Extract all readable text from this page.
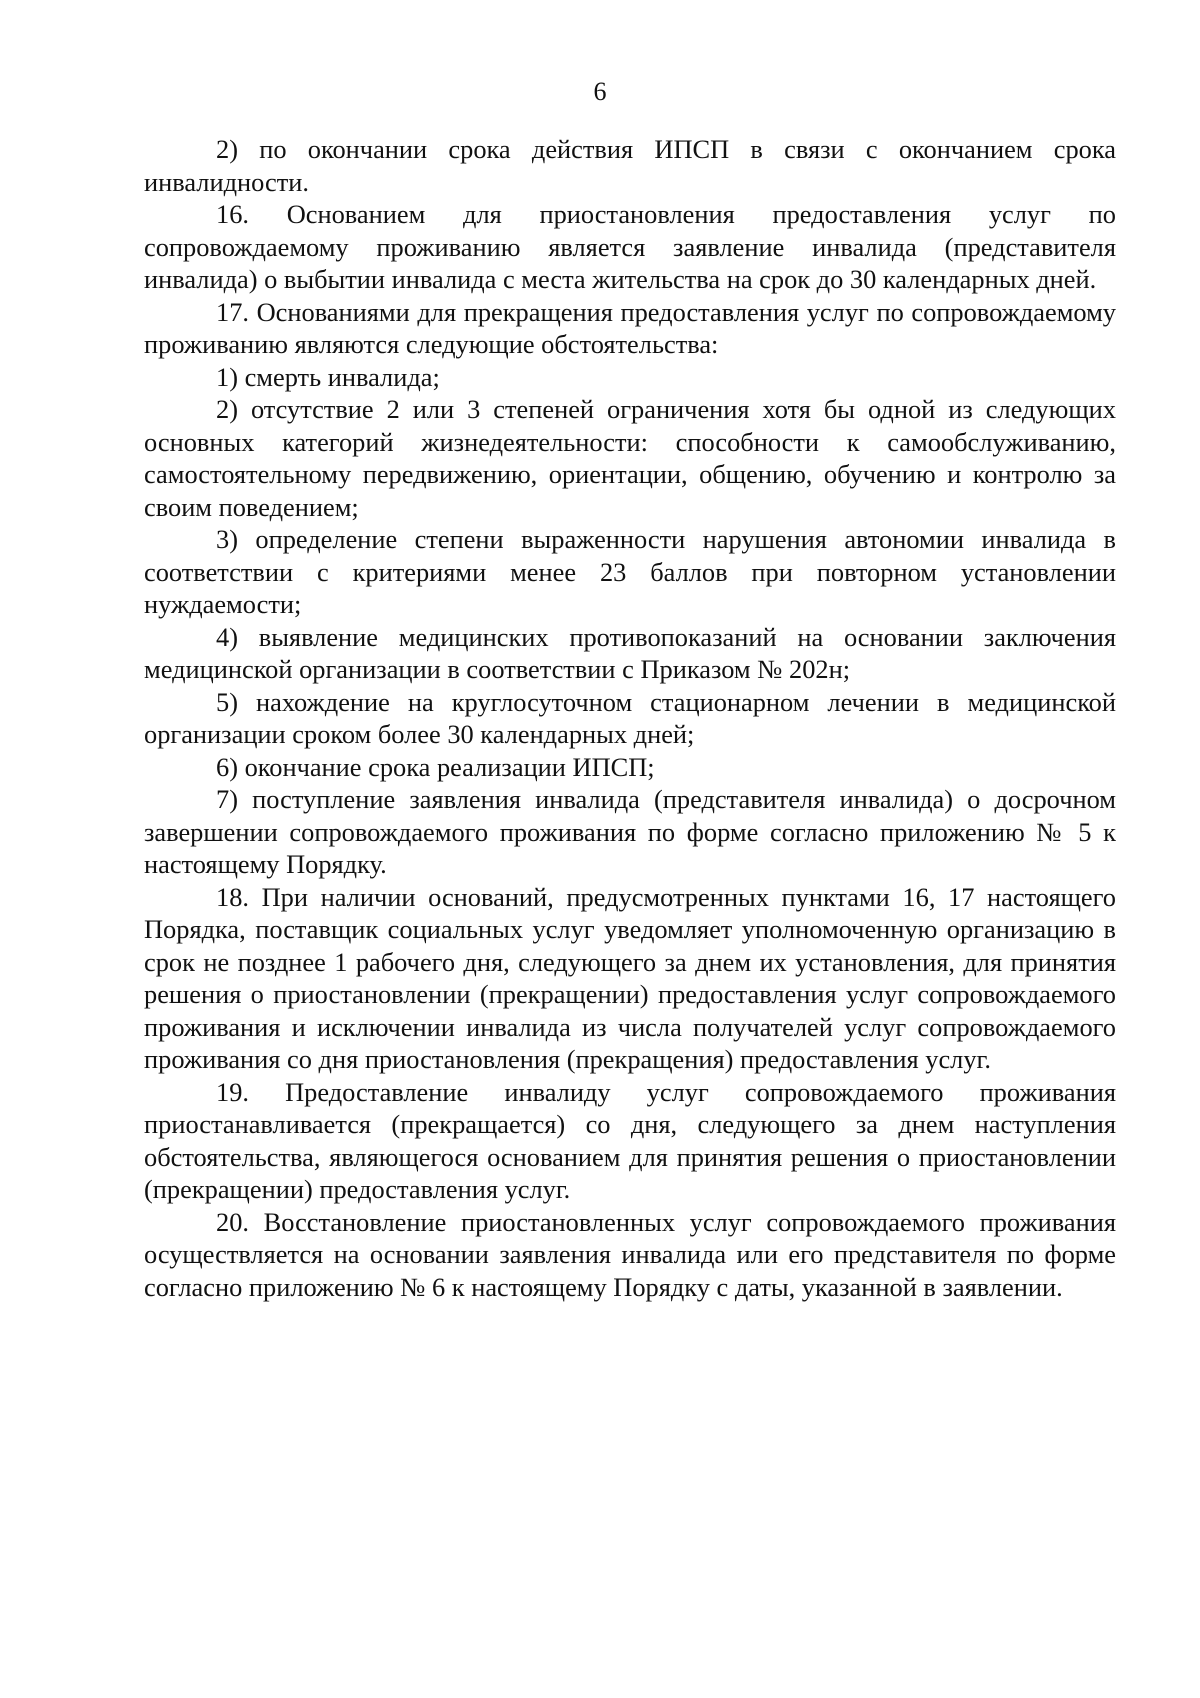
6

2) по окончании срока действия ИПСП в связи с окончанием срока инвалидности.

16. Основанием для приостановления предоставления услуг по сопровождаемому проживанию является заявление инвалида (представителя инвалида) о выбытии инвалида с места жительства на срок до 30 календарных дней.

17. Основаниями для прекращения предоставления услуг по сопровождаемому проживанию являются следующие обстоятельства:

1) смерть инвалида;

2) отсутствие 2 или 3 степеней ограничения хотя бы одной из следующих основных категорий жизнедеятельности: способности к самообслуживанию, самостоятельному передвижению, ориентации, общению, обучению и контролю за своим поведением;

3) определение степени выраженности нарушения автономии инвалида в соответствии с критериями менее 23 баллов при повторном установлении нуждаемости;

4) выявление медицинских противопоказаний на основании заключения медицинской организации в соответствии с Приказом № 202н;

5) нахождение на круглосуточном стационарном лечении в медицинской организации сроком более 30 календарных дней;

6) окончание срока реализации ИПСП;

7) поступление заявления инвалида (представителя инвалида) о досрочном завершении сопровождаемого проживания по форме согласно приложению № 5 к настоящему Порядку.

18. При наличии оснований, предусмотренных пунктами 16, 17 настоящего Порядка, поставщик социальных услуг уведомляет уполномоченную организацию в срок не позднее 1 рабочего дня, следующего за днем их установления, для принятия решения о приостановлении (прекращении) предоставления услуг сопровождаемого проживания и исключении инвалида из числа получателей услуг сопровождаемого проживания со дня приостановления (прекращения) предоставления услуг.

19. Предоставление инвалиду услуг сопровождаемого проживания приостанавливается (прекращается) со дня, следующего за днем наступления обстоятельства, являющегося основанием для принятия решения о приостановлении (прекращении) предоставления услуг.

20. Восстановление приостановленных услуг сопровождаемого проживания осуществляется на основании заявления инвалида или его представителя по форме согласно приложению № 6 к настоящему Порядку с даты, указанной в заявлении.
